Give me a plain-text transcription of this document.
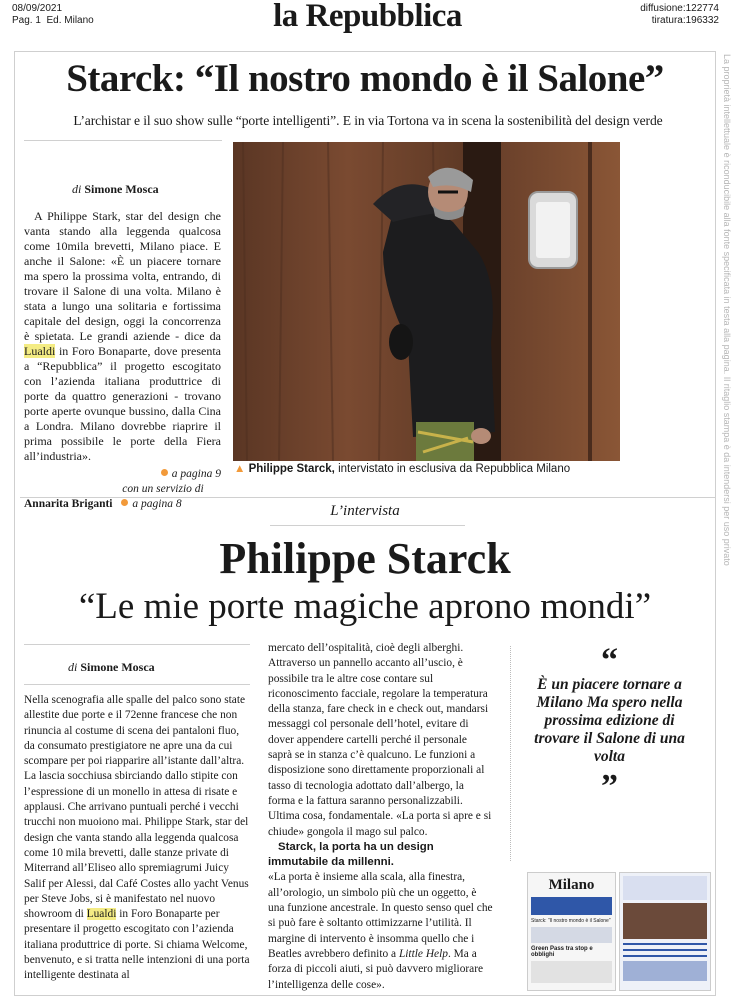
08/09/2021
Pag. 1 Ed. Milano	la Repubblica	diffusione:122774
tiratura:196332
La proprietà intellettuale è riconducibile alla fonte specificata in testa alla pagina. Il ritaglio stampa è da intendersi per uso privato
Starck: “Il nostro mondo è il Salone”
L’archistar e il suo show sulle “porte intelligenti”. E in via Tortona va in scena la sostenibilità del design verde
di Simone Mosca
A Philippe Stark, star del design che vanta stando alla leggenda qualcosa come 10mila brevetti, Milano piace. E anche il Salone: «È un piacere tornare ma spero la prossima volta, entrando, di trovare il Salone di una volta. Milano è stata a lungo una solitaria e fortissima capitale del design, oggi la concorrenza è spietata. Le grandi aziende - dice da Lualdi in Foro Bonaparte, dove presenta a “Repubblica” il progetto escogitato con l’azienda italiana produttrice di porte da quattro generazioni - trovano porte aperte ovunque bussino, dalla Cina a Londra. Milano dovrebbe riaprire il prima possibile le porte della Fiera all’industria».
a pagina 9
con un servizio di
Annarita Briganti a pagina 8
▲ Philippe Starck, intervistato in esclusiva da Repubblica Milano
L’intervista
Philippe Starck
“Le mie porte magiche aprono mondi”
di Simone Mosca
Nella scenografia alle spalle del palco sono state allestite due porte e il 72enne francese che non rinuncia al costume di scena dei pantaloni fluo, da consumato prestigiatore ne apre una da cui scompare per poi riapparire all’istante dall’altra. La lascia socchiusa sbirciando dallo stipite con l’espressione di un monello in attesa di risate e applausi. Che arrivano puntuali perché i vecchi trucchi non muoiono mai. Philippe Stark, star del design che vanta stando alla leggenda qualcosa come 10 mila brevetti, dalle stanze private di Miterrand all’Eliseo allo spremiagrumi Juicy Salif per Alessi, dal Café Costes allo yacht Venus per Steve Jobs, si è manifestato nel nuovo showroom di Lualdi in Foro Bonaparte per presentare il progetto escogitato con l’azienda italiana produttrice di porte. Si chiama Welcome, benvenuto, e si tratta nelle intenzioni di una porta intelligente destinata al
mercato dell’ospitalità, cioè degli alberghi. Attraverso un pannello accanto all’uscio, è possibile tra le altre cose contare sul riconoscimento facciale, regolare la temperatura della stanza, fare check in e check out, mandarsi messaggi col personale dell’hotel, evitare di dover appendere cartelli perché il personale saprà se in stanza c’è qualcuno. Le funzioni a disposizione sono direttamente proporzionali al tasso di tecnologia adottato dall’albergo, la forma e la fattura saranno personalizzabili. Ultima cosa, fondamentale. «La porta si apre e si chiude» gongola il mago sul palco.
Starck, la porta ha un design immutabile da millenni.
«La porta è insieme alla scala, alla finestra, all’orologio, un simbolo più che un oggetto, è una funzione ancestrale. In questo senso quel che si può fare è soltanto ottimizzarne l’utilità. Il margine di intervento è insomma quello che i Beatles avrebbero definito a Little Help. Ma a forza di piccoli aiuti, si può davvero migliorare l’intelligenza delle cose».
“
È un piacere tornare a Milano Ma spero nella prossima edizione di trovare il Salone di una volta
”
Milano
Starck: “Il nostro mondo è il Salone”
Green Pass tra stop e obblighi
